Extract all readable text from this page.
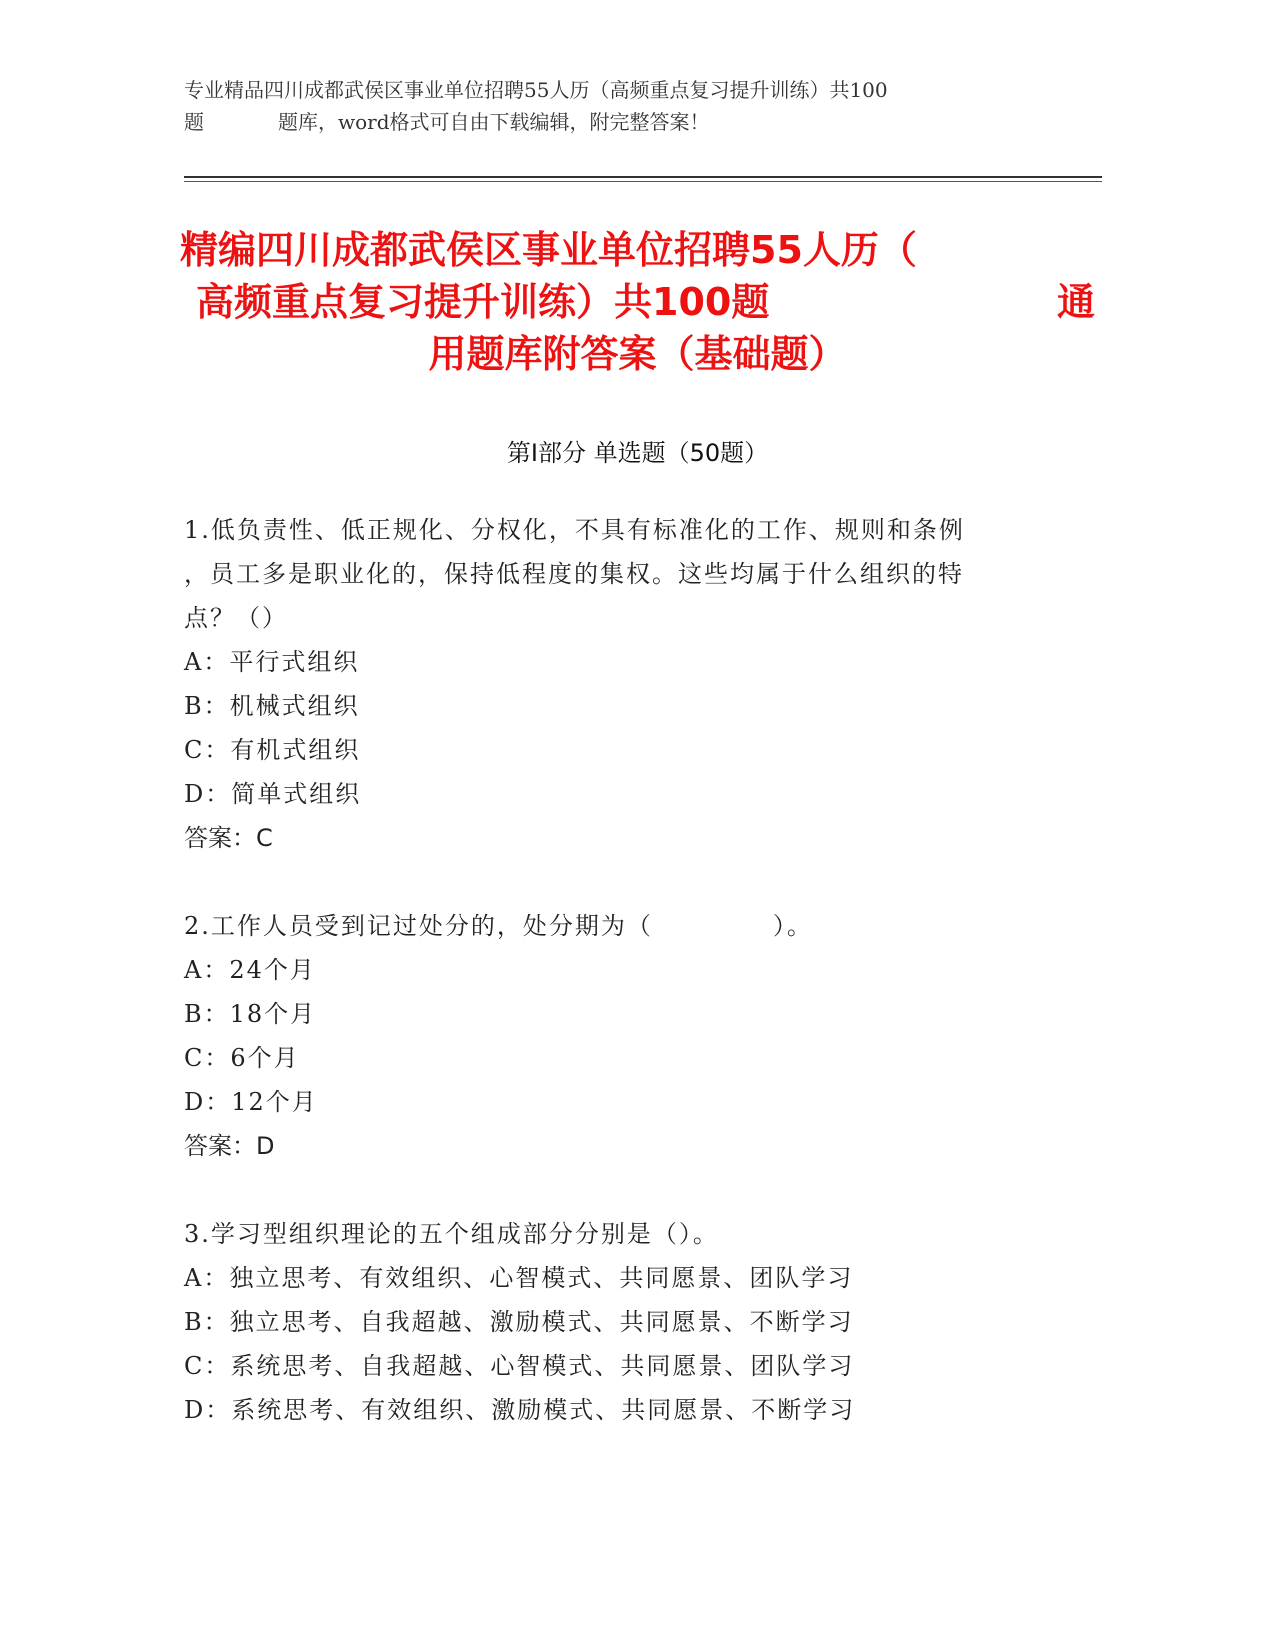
专业精品四川成都武侯区事业单位招聘55人历（高频重点复习提升训练）共100
题	题库，word格式可自由下载编辑，附完整答案！
精编四川成都武侯区事业单位招聘55人历（
高频重点复习提升训练）共100题	通
用题库附答案（基础题）
第Ⅰ部分 单选题（50题）
1.低负责性、低正规化、分权化，不具有标准化的工作、规则和条例
，员工多是职业化的，保持低程度的集权。这些均属于什么组织的特
点？（）
A：平行式组织
B：机械式组织
C：有机式组织
D：简单式组织
答案：C
2.工作人员受到记过处分的，处分期为（	）。
A：24个月
B：18个月
C：6个月
D：12个月
答案：D
3.学习型组织理论的五个组成部分分别是（）。
A：独立思考、有效组织、心智模式、共同愿景、团队学习
B：独立思考、自我超越、激励模式、共同愿景、不断学习
C：系统思考、自我超越、心智模式、共同愿景、团队学习
D：系统思考、有效组织、激励模式、共同愿景、不断学习
